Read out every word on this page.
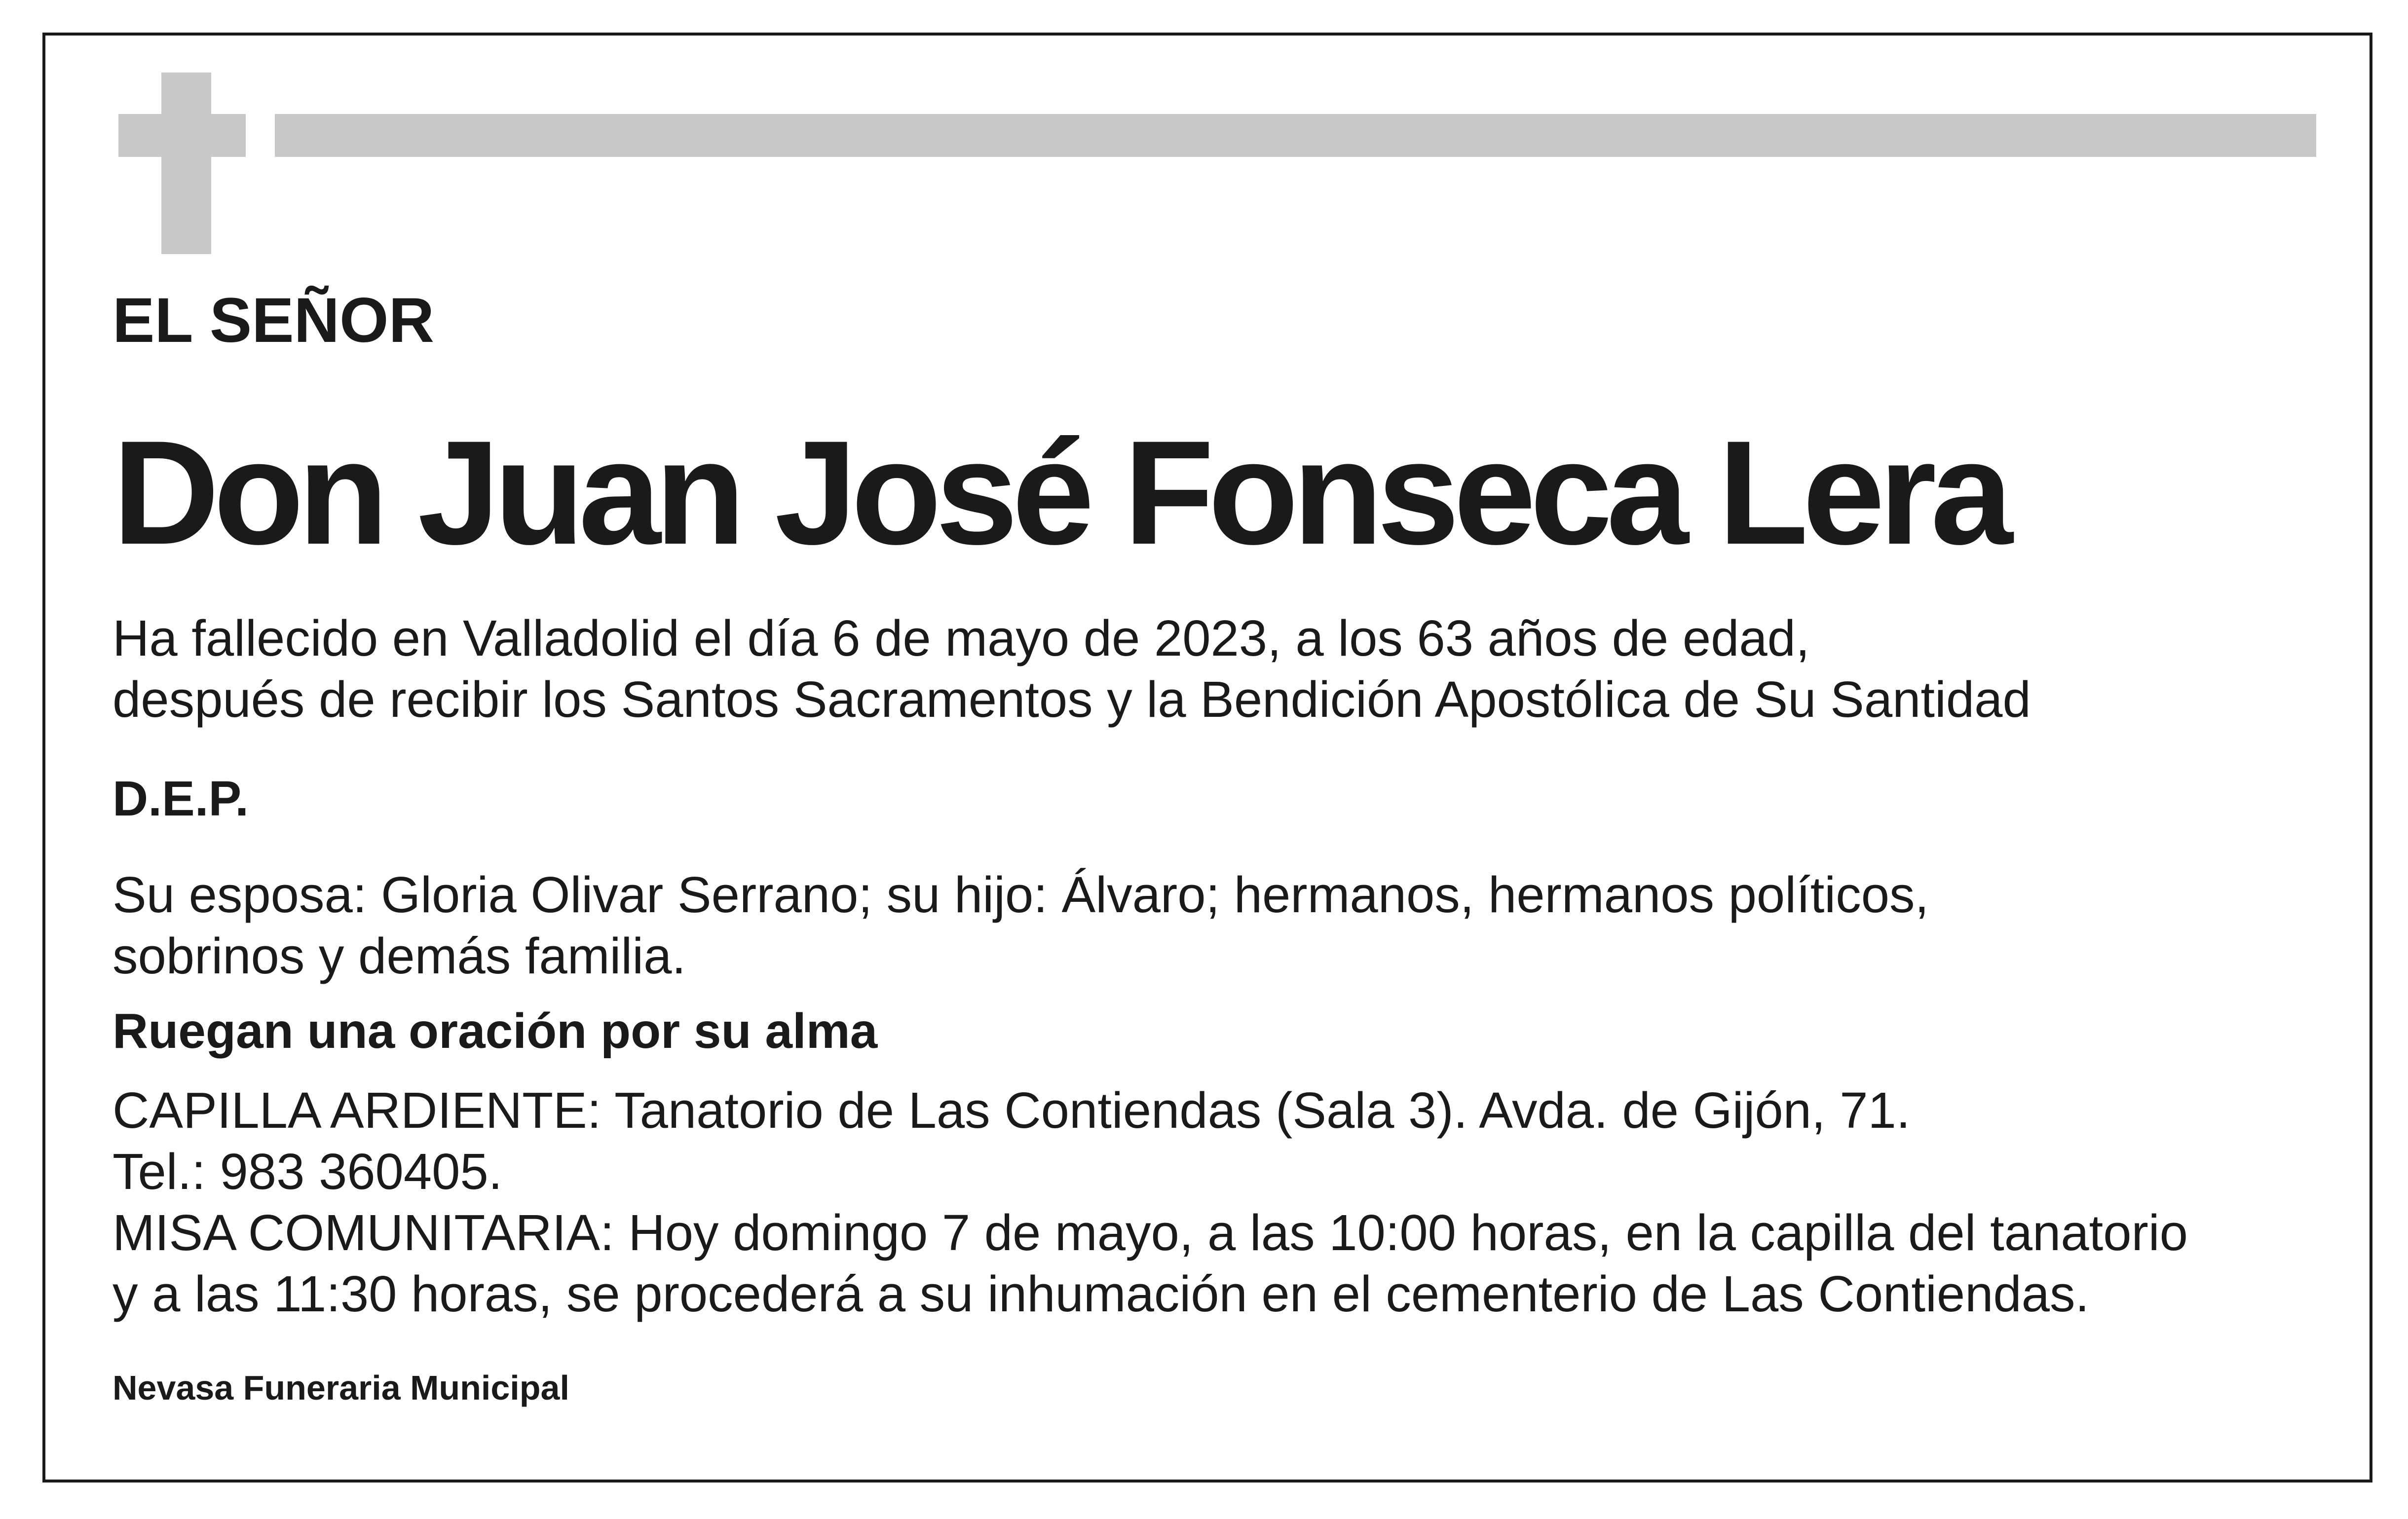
EL SEÑOR
Don Juan José Fonseca Lera
Ha fallecido en Valladolid el día 6 de mayo de 2023, a los 63 años de edad,
después de recibir los Santos Sacramentos y la Bendición Apostólica de Su Santidad
D.E.P.
Su esposa: Gloria Olivar Serrano; su hijo: Álvaro; hermanos, hermanos políticos,
sobrinos y demás familia.
Ruegan una oración por su alma
CAPILLA ARDIENTE: Tanatorio de Las Contiendas (Sala 3). Avda. de Gijón, 71.
Tel.: 983 360405.
MISA COMUNITARIA: Hoy domingo 7 de mayo, a las 10:00 horas, en la capilla del tanatorio
y a las 11:30 horas, se procederá a su inhumación en el cementerio de Las Contiendas.
Nevasa Funeraria Municipal
